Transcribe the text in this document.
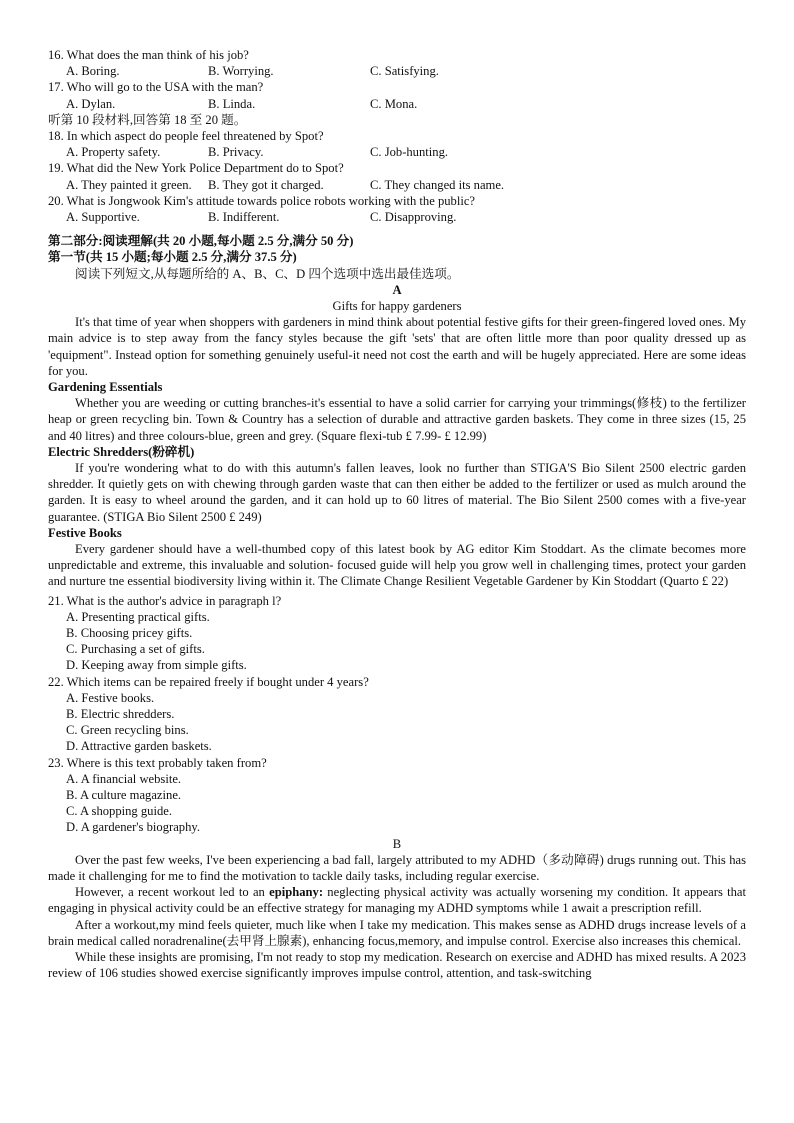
16. What does the man think of his job?
A. Boring.	B. Worrying.	C. Satisfying.
17. Who will go to the USA with the man?
A. Dylan.	B. Linda.	C. Mona.
听第 10 段材料,回答第 18 至 20 题。
18. In which aspect do people feel threatened by Spot?
A. Property safety.	B. Privacy.	C. Job-hunting.
19. What did the New York Police Department do to Spot?
A. They painted it green. B. They got it charged.	C. They changed its name.
20. What is Jongwook Kim's attitude towards police robots working with the public?
A. Supportive.	B. Indifferent.	C. Disapproving.
第二部分:阅读理解(共 20 小题,每小题 2.5 分,满分 50 分)
第一节(共 15 小题;每小题 2.5 分,满分 37.5 分)
阅读下列短文,从每题所给的 A、B、C、D 四个选项中选出最佳选项。
A
Gifts for happy gardeners
It's that time of year when shoppers with gardeners in mind think about potential festive gifts for their green-fingered loved ones. My main advice is to step away from the fancy styles because the gift 'sets' that are often little more than poor quality dressed up as 'equipment". Instead option for something genuinely useful-it need not cost the earth and will be hugely appreciated. Here are some ideas for you.
Gardening Essentials
Whether you are weeding or cutting branches-it's essential to have a solid carrier for carrying your trimmings(修枝) to the fertilizer heap or green recycling bin. Town & Country has a selection of durable and attractive garden baskets. They come in three sizes (15, 25 and 40 litres) and three colours-blue, green and grey. (Square flexi-tub £ 7.99- £ 12.99)
Electric Shredders(粉碎机)
If you're wondering what to do with this autumn's fallen leaves, look no further than STIGA'S Bio Silent 2500 electric garden shredder. It quietly gets on with chewing through garden waste that can then either be added to the fertilizer or used as mulch around the garden. It is easy to wheel around the garden, and it can hold up to 60 litres of material. The Bio Silent 2500 comes with a five-year guarantee. (STIGA Bio Silent 2500 £ 249)
Festive Books
Every gardener should have a well-thumbed copy of this latest book by AG editor Kim Stoddart. As the climate becomes more unpredictable and extreme, this invaluable and solution- focused guide will help you grow well in challenging times, protect your garden and nurture tne essential biodiversity living within it. The Climate Change Resilient Vegetable Gardener by Kin Stoddart (Quarto £ 22)
21. What is the author's advice in paragraph l?
A. Presenting practical gifts.
B. Choosing pricey gifts.
C. Purchasing a set of gifts.
D. Keeping away from simple gifts.
22. Which items can be repaired freely if bought under 4 years?
A. Festive books.
B. Electric shredders.
C. Green recycling bins.
D. Attractive garden baskets.
23. Where is this text probably taken from?
A. A financial website.
B. A culture magazine.
C. A shopping guide.
D. A gardener's biography.
B
Over the past few weeks, I've been experiencing a bad fall, largely attributed to my ADHD（多动障碍) drugs running out. This has made it challenging for me to find the motivation to tackle daily tasks, including regular exercise.
However, a recent workout led to an epiphany: neglecting physical activity was actually worsening my condition. It appears that engaging in physical activity could be an effective strategy for managing my ADHD symptoms while 1 await a prescription refill.
After a workout,my mind feels quieter, much like when I take my medication. This makes sense as ADHD drugs increase levels of a brain medical called noradrenaline(去甲肾上腺素), enhancing focus,memory, and impulse control. Exercise also increases this chemical.
While these insights are promising, I'm not ready to stop my medication. Research on exercise and ADHD has mixed results. A 2023 review of 106 studies showed exercise significantly improves impulse control, attention, and task-switching
